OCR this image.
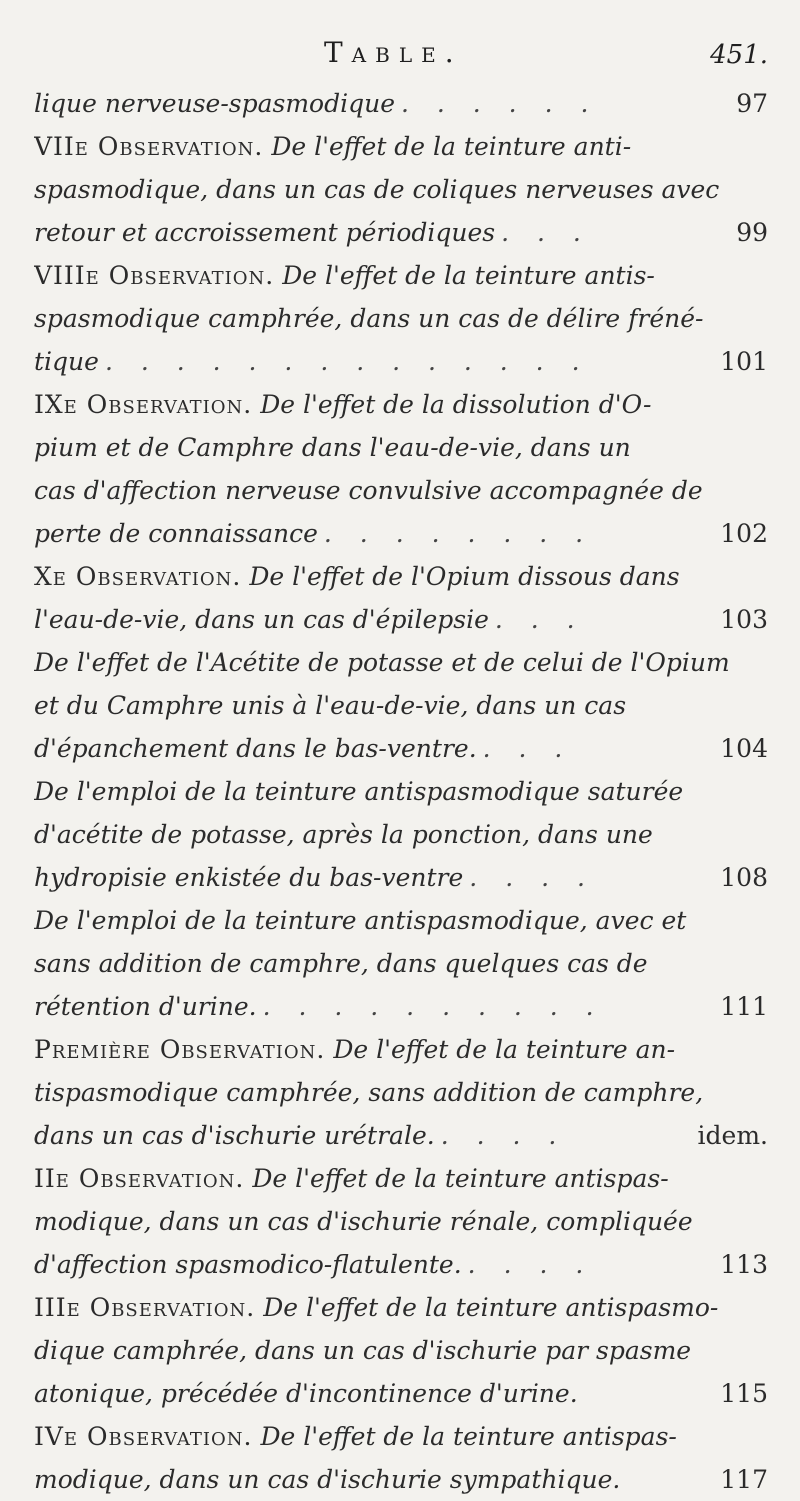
Table.	451.
lique nerveuse-spasmodique . . . . . .	97
VIIe Observation. De l'effet de la teinture anti-
spasmodique, dans un cas de coliques nerveuses avec
retour et accroissement périodiques . . .	99
VIIIe Observation. De l'effet de la teinture antis-
spasmodique camphrée, dans un cas de délire fréné-
tique . . . . . . . . . . . . . .	101
IXe Observation. De l'effet de la dissolution d'O-
pium et de Camphre dans l'eau-de-vie, dans un
cas d'affection nerveuse convulsive accompagnée de
perte de connaissance . . . . . . . .	102
Xe Observation. De l'effet de l'Opium dissous dans
l'eau-de-vie, dans un cas d'épilepsie . . .	103
De l'effet de l'Acétite de potasse et de celui de l'Opium
et du Camphre unis à l'eau-de-vie, dans un cas
d'épanchement dans le bas-ventre. . . .	104
De l'emploi de la teinture antispasmodique saturée
d'acétite de potasse, après la ponction, dans une
hydropisie enkistée du bas-ventre . . . .	108
De l'emploi de la teinture antispasmodique, avec et
sans addition de camphre, dans quelques cas de
rétention d'urine. . . . . . . . . . .	111
Première Observation. De l'effet de la teinture an-
tispasmodique camphrée, sans addition de camphre,
dans un cas d'ischurie urétrale. . . . .	idem.
IIe Observation. De l'effet de la teinture antispas-
modique, dans un cas d'ischurie rénale, compliquée
d'affection spasmodico-flatulente. . . . .	113
IIIe Observation. De l'effet de la teinture antispasmo-
dique camphrée, dans un cas d'ischurie par spasme
atonique, précédée d'incontinence d'urine.	115
IVe Observation. De l'effet de la teinture antispas-
modique, dans un cas d'ischurie sympathique.	117
